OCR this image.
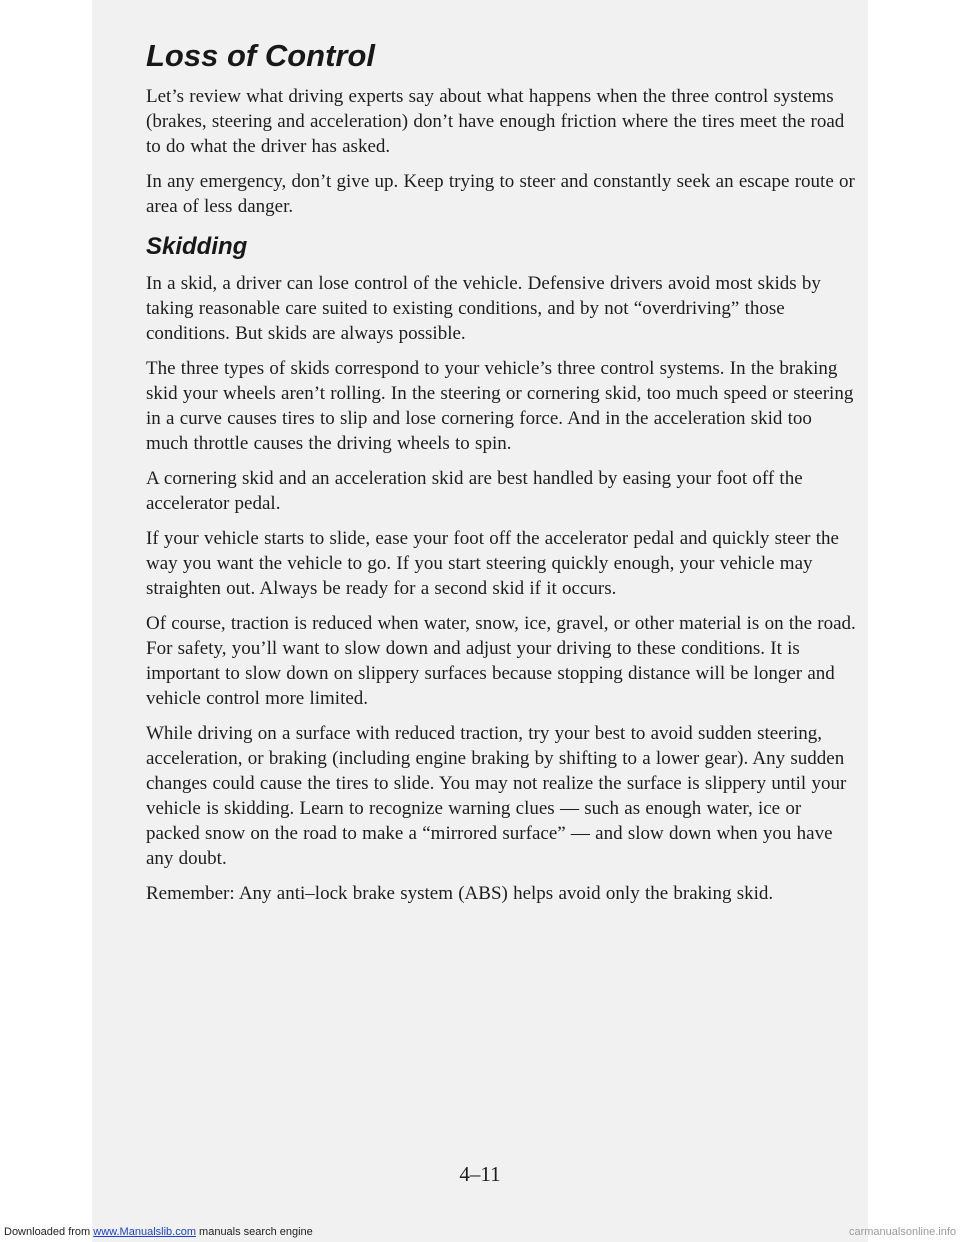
Loss of Control

Let’s review what driving experts say about what happens when the three control systems (brakes, steering and acceleration) don’t have enough friction where the tires meet the road to do what the driver has asked.

In any emergency, don’t give up. Keep trying to steer and constantly seek an escape route or area of less danger.

Skidding

In a skid, a driver can lose control of the vehicle. Defensive drivers avoid most skids by taking reasonable care suited to existing conditions, and by not “overdriving” those conditions. But skids are always possible.

The three types of skids correspond to your vehicle’s three control systems. In the braking skid your wheels aren’t rolling. In the steering or cornering skid, too much speed or steering in a curve causes tires to slip and lose cornering force. And in the acceleration skid too much throttle causes the driving wheels to spin.

A cornering skid and an acceleration skid are best handled by easing your foot off the accelerator pedal.

If your vehicle starts to slide, ease your foot off the accelerator pedal and quickly steer the way you want the vehicle to go. If you start steering quickly enough, your vehicle may straighten out. Always be ready for a second skid if it occurs.

Of course, traction is reduced when water, snow, ice, gravel, or other material is on the road. For safety, you’ll want to slow down and adjust your driving to these conditions. It is important to slow down on slippery surfaces because stopping distance will be longer and vehicle control more limited.

While driving on a surface with reduced traction, try your best to avoid sudden steering, acceleration, or braking (including engine braking by shifting to a lower gear). Any sudden changes could cause the tires to slide. You may not realize the surface is slippery until your vehicle is skidding. Learn to recognize warning clues — such as enough water, ice or packed snow on the road to make a “mirrored surface” — and slow down when you have any doubt.

Remember: Any anti–lock brake system (ABS) helps avoid only the braking skid.

4–11
Downloaded from www.Manualslib.com manuals search engine	carmanualsonline.info
